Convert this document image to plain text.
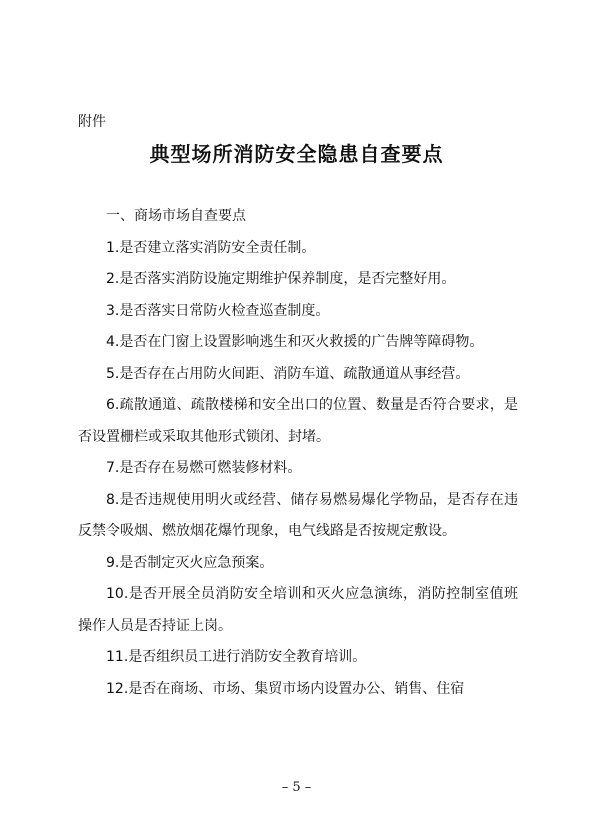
附件
典型场所消防安全隐患自查要点

一、商场市场自查要点

1.是否建立落实消防安全责任制。

2.是否落实消防设施定期维护保养制度，是否完整好用。

3.是否落实日常防火检查巡查制度。

4.是否在门窗上设置影响逃生和灭火救援的广告牌等障碍物。

5.是否存在占用防火间距、消防车道、疏散通道从事经营。

6.疏散通道、疏散楼梯和安全出口的位置、数量是否符合要求，是否设置栅栏或采取其他形式锁闭、封堵。

7.是否存在易燃可燃装修材料。

8.是否违规使用明火或经营、储存易燃易爆化学物品，是否存在违反禁令吸烟、燃放烟花爆竹现象，电气线路是否按规定敷设。

9.是否制定灭火应急预案。

10.是否开展全员消防安全培训和灭火应急演练，消防控制室值班操作人员是否持证上岗。

11.是否组织员工进行消防安全教育培训。

12.是否在商场、市场、集贸市场内设置办公、销售、住宿

– 5 –
